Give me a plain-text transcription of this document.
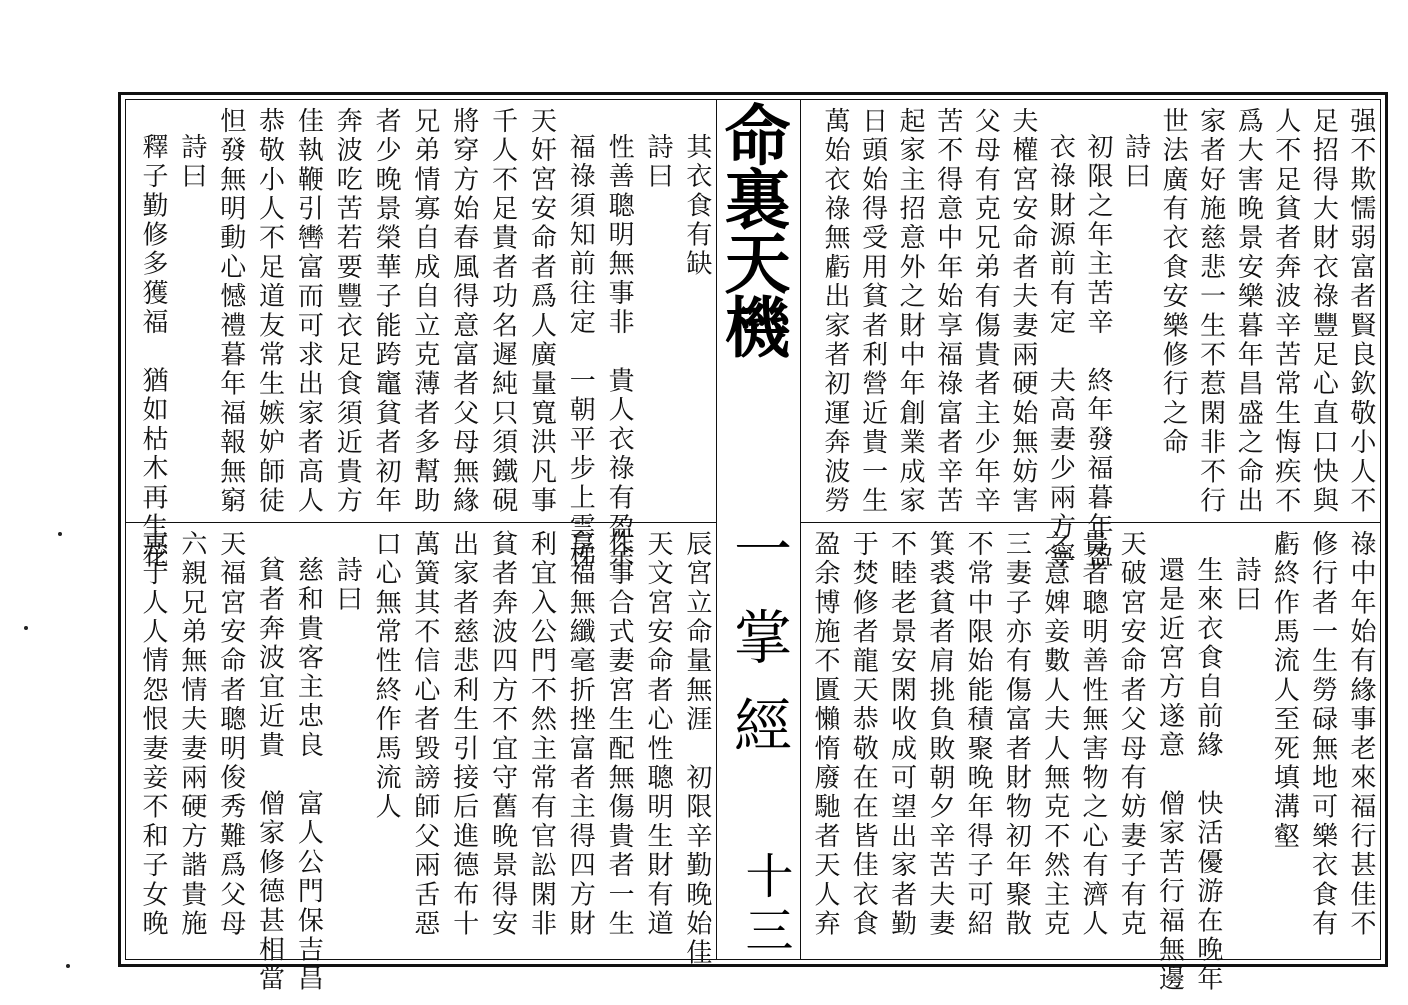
命裏天機
一掌經
十三
强不欺懦弱富者賢良欽敬小人不
足招得大財衣祿豐足心直口快與
人不足貧者奔波辛苦常生悔疾不
爲大害晚景安樂暮年昌盛之命出
家者好施慈悲一生不惹閑非不行
世法廣有衣食安樂修行之命
詩曰
初限之年主苦辛　終年發福暮年盈
衣祿財源前有定　夫高妻少兩方寧
夫權宮安命者夫妻兩硬始無妨害
父母有克兄弟有傷貴者主少年辛
苦不得意中年始享福祿富者辛苦
起家主招意外之財中年創業成家
日頭始得受用貧者利營近貴一生
萬始衣祿無虧出家者初運奔波勞
其衣食有缺
詩曰
性善聰明無事非　貴人衣祿有盈余
福祿須知前往定　一朝平步上雲梯
天奸宮安命者爲人廣量寬洪凡事
千人不足貴者功名遲純只須鐵硯
將穿方始春風得意富者父母無緣
兄弟情寡自成自立克薄者多幫助
者少晚景榮華子能跨竈貧者初年
奔波吃苦若要豐衣足食須近貴方
佳執鞭引轡富而可求出家者高人
恭敬小人不足道友常生嫉妒師徒
怛發無明動心憾禮暮年福報無窮
詩曰
釋子勤修多獲福　猶如枯木再生花
祿中年始有緣事老來福行甚佳不
修行者一生勞碌無地可樂衣食有
虧終作馬流人至死填溝壑
詩曰
生來衣食自前緣　快活優游在晚年
還是近宮方遂意　僧家苦行福無邊
天破宮安命者父母有妨妻子有克
貴者聰明善性無害物之心有濟人
之意婢妾數人夫人無克不然主克
三妻子亦有傷富者財物初年聚散
不常中限始能積聚晚年得子可紹
箕裘貧者肩挑負敗朝夕辛苦夫妻
不睦老景安閑收成可望出家者勤
于焚修者龍天恭敬在在皆佳衣食
盈余博施不匱懶惰廢馳者天人弃
辰宮立命量無涯　初限辛勤晚始佳
天文宮安命者心性聰明生財有道
作事合式妻宮生配無傷貴者一生
享福無纖毫折挫富者主得四方財
利宜入公門不然主常有官訟閑非
貧者奔波四方不宜守舊晚景得安
出家者慈悲利生引接后進德布十
萬簧其不信心者毀謗師父兩舌惡
口心無常性終作馬流人
詩曰
慈和貴客主忠良　富人公門保吉昌
貧者奔波宜近貴　僧家修德甚相當
天福宮安命者聰明俊秀難爲父母
六親兄弟無情夫妻兩硬方諧貴施
惠于人人情怨恨妻妾不和子女晚
